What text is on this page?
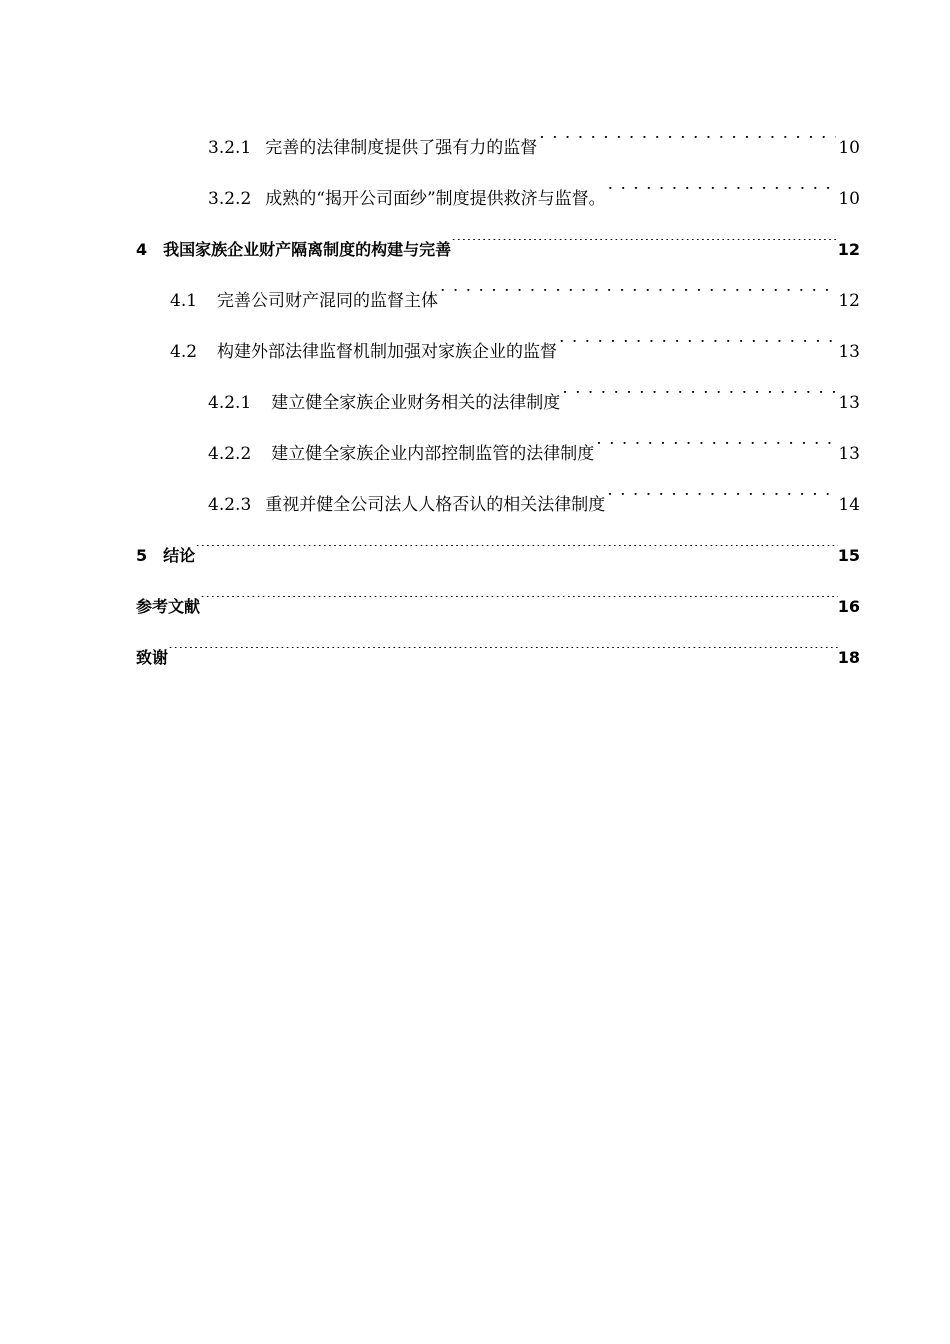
3.2.1 完善的法律制度提供了强有力的监督 . . .	10
3.2.2 成熟的“揭开公司面纱”制度提供救济与监督。 . . .	10
4 我国家族企业财产隔离制度的构建与完善 .....	12
4.1 完善公司财产混同的监督主体 . . .	12
4.2 构建外部法律监督机制加强对家族企业的监督 . . .	13
4.2.1 建立健全家族企业财务相关的法律制度 . . .	13
4.2.2 建立健全家族企业内部控制监管的法律制度 . . .	13
4.2.3 重视并健全公司法人人格否认的相关法律制度 . . .	14
5 结论 .....	15
参考文献 .....	16
致谢 .....	18
